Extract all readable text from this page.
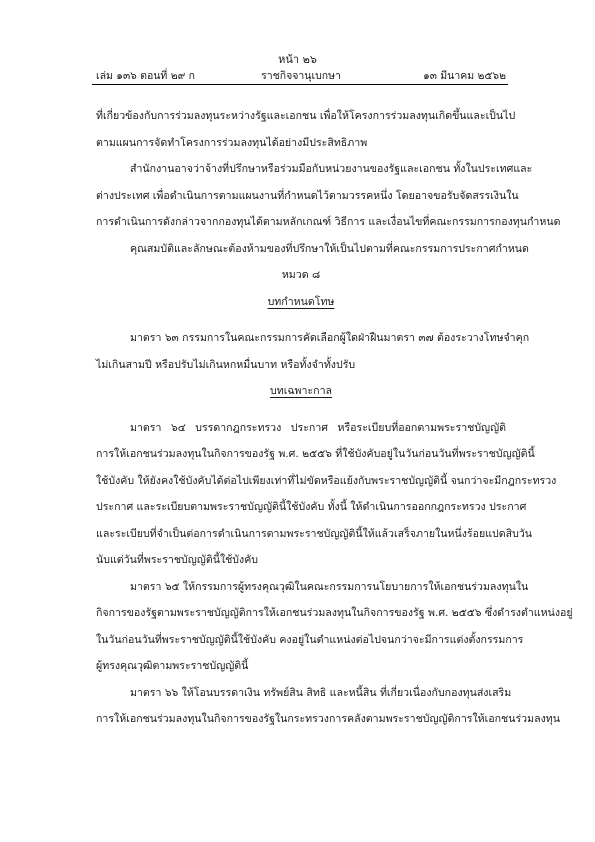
หน้า ๒๖
เล่ม ๑๓๖ ตอนที่ ๒๙ ก	ราชกิจจานุเบกษา	๑๓ มีนาคม ๒๕๖๒
ที่เกี่ยวข้องกับการร่วมลงทุนระหว่างรัฐและเอกชน เพื่อให้โครงการร่วมลงทุนเกิดขึ้นและเป็นไป
ตามแผนการจัดทำโครงการร่วมลงทุนได้อย่างมีประสิทธิภาพ
สำนักงานอาจว่าจ้างที่ปรึกษาหรือร่วมมือกับหน่วยงานของรัฐและเอกชน ทั้งในประเทศและ
ต่างประเทศ เพื่อดำเนินการตามแผนงานที่กำหนดไว้ตามวรรคหนึ่ง โดยอาจขอรับจัดสรรเงินใน
การดำเนินการดังกล่าวจากกองทุนได้ตามหลักเกณฑ์ วิธีการ และเงื่อนไขที่คณะกรรมการกองทุนกำหนด
คุณสมบัติและลักษณะต้องห้ามของที่ปรึกษาให้เป็นไปตามที่คณะกรรมการประกาศกำหนด
หมวด ๘
บทกำหนดโทษ
มาตรา ๖๓ กรรมการในคณะกรรมการคัดเลือกผู้ใดฝ่าฝืนมาตรา ๓๗ ต้องระวางโทษจำคุก
ไม่เกินสามปี หรือปรับไม่เกินหกหมื่นบาท หรือทั้งจำทั้งปรับ
บทเฉพาะกาล
มาตรา ๖๔ บรรดากฎกระทรวง ประกาศ หรือระเบียบที่ออกตามพระราชบัญญัติ
การให้เอกชนร่วมลงทุนในกิจการของรัฐ พ.ศ. ๒๕๕๖ ที่ใช้บังคับอยู่ในวันก่อนวันที่พระราชบัญญัตินี้
ใช้บังคับ ให้ยังคงใช้บังคับได้ต่อไปเพียงเท่าที่ไม่ขัดหรือแย้งกับพระราชบัญญัตินี้ จนกว่าจะมีกฎกระทรวง
ประกาศ และระเบียบตามพระราชบัญญัตินี้ใช้บังคับ ทั้งนี้ ให้ดำเนินการออกกฎกระทรวง ประกาศ
และระเบียบที่จำเป็นต่อการดำเนินการตามพระราชบัญญัตินี้ให้แล้วเสร็จภายในหนึ่งร้อยแปดสิบวัน
นับแต่วันที่พระราชบัญญัตินี้ใช้บังคับ
มาตรา ๖๕ ให้กรรมการผู้ทรงคุณวุฒิในคณะกรรมการนโยบายการให้เอกชนร่วมลงทุนใน
กิจการของรัฐตามพระราชบัญญัติการให้เอกชนร่วมลงทุนในกิจการของรัฐ พ.ศ. ๒๕๕๖ ซึ่งดำรงตำแหน่งอยู่
ในวันก่อนวันที่พระราชบัญญัตินี้ใช้บังคับ คงอยู่ในตำแหน่งต่อไปจนกว่าจะมีการแต่งตั้งกรรมการ
ผู้ทรงคุณวุฒิตามพระราชบัญญัตินี้
มาตรา ๖๖ ให้โอนบรรดาเงิน ทรัพย์สิน สิทธิ และหนี้สิน ที่เกี่ยวเนื่องกับกองทุนส่งเสริม
การให้เอกชนร่วมลงทุนในกิจการของรัฐในกระทรวงการคลังตามพระราชบัญญัติการให้เอกชนร่วมลงทุน
